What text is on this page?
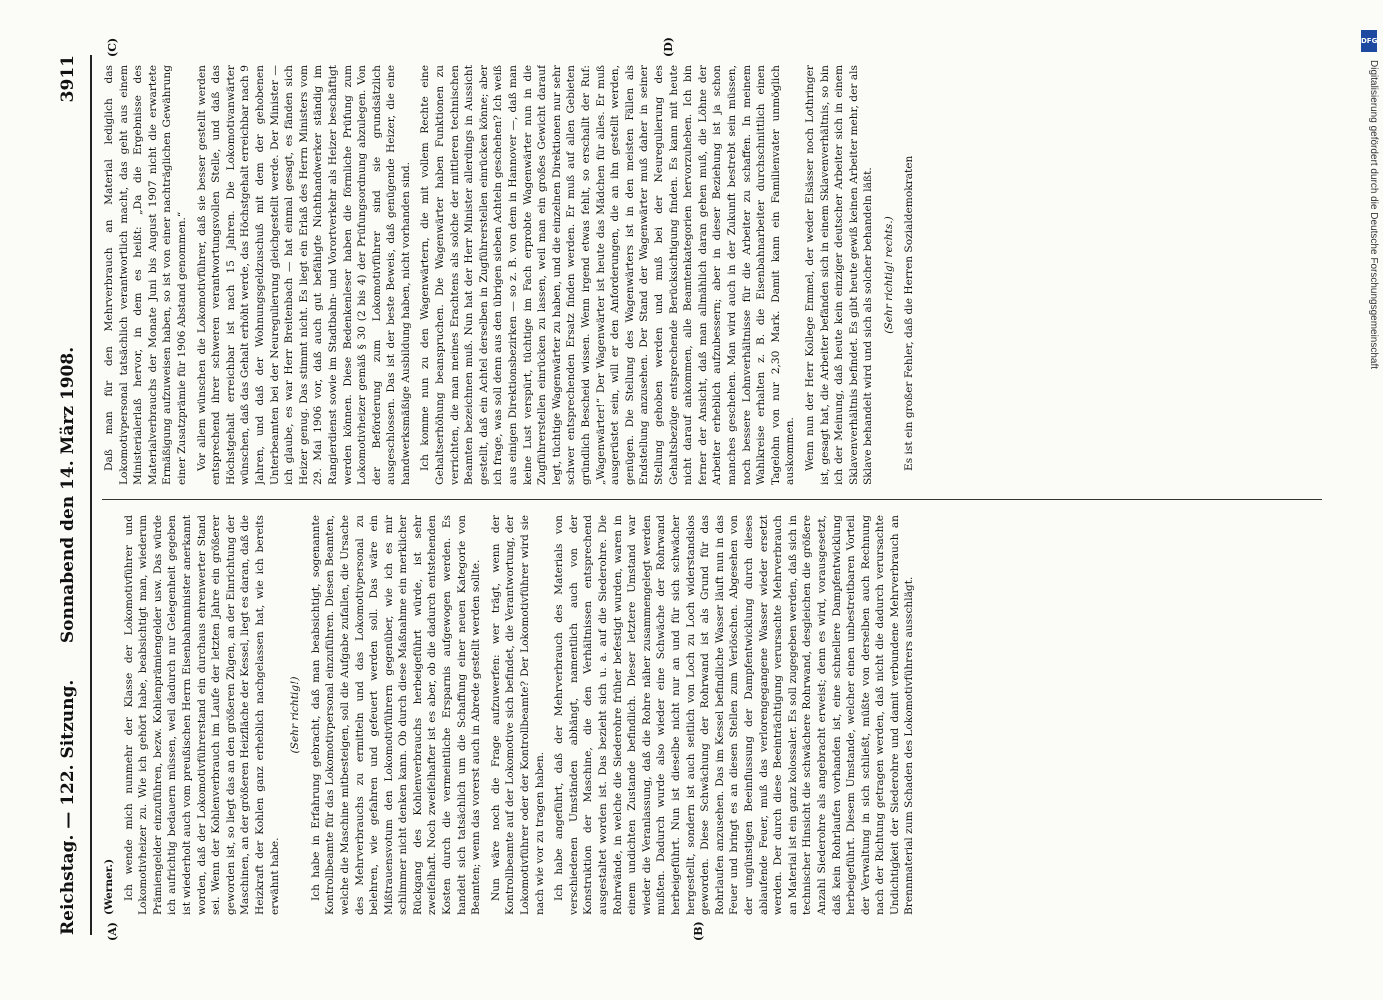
Reichstag. — 122. Sitzung.
Sonnabend den 14. März 1908.
3911
(A)	(B)
(C)	(D)

(Werner.) Ich wende mich nunmehr der Klasse der Lokomotivführer und Lokomotivheizer zu. Wie ich gehört habe, beabsichtigt man, wiederum Prämiengelder einzuführen, bezw. Kohlenprämiengelder usw. Das würde ich aufrichtig bedauern müssen, weil dadurch nur Gelegenheit gegeben ist wiederholt auch vom preußischen Herrn Eisenbahnminister anerkannt worden, daß der Lokomotivführerstand ein durchaus ehrenwerter Stand sei. Wenn der Kohlenverbrauch im Laufe der letzten Jahre ein größerer geworden ist, so liegt das an den größeren Zügen, an der Einrichtung der Maschinen, an der größeren Heizfläche der Kessel, liegt es daran, daß die Heizkraft der Kohlen ganz erheblich nachgelassen hat, wie ich bereits erwähnt habe.

(Sehr richtig!) Ich habe in Erfahrung gebracht, daß man beabsichtigt, sogenannte Kontrollbeamte für das Lokomotivpersonal einzuführen. Diesen Beamten, welche die Maschine mitbesteigen, soll die Aufgabe zufallen, die Ursache des Mehrverbrauchs zu ermitteln und das Lokomotivpersonal zu belehren, wie gefahren und gefeuert werden soll. Das wäre ein Mißtrauensvotum den Lokomotivführern gegenüber, wie ich es mir schlimmer nicht denken kann. Ob durch diese Maßnahme ein merklicher Rückgang des Kohlenverbrauchs herbeigeführt würde, ist sehr zweifelhaft. Noch zweifelhafter ist es aber, ob die dadurch entstehenden Kosten durch die vermeintliche Ersparnis aufgewogen werden. Es handelt sich tatsächlich um die Schaffung einer neuen Kategorie von Beamten; wenn das vorerst auch in Abrede gestellt werden sollte. Nun wäre noch die Frage aufzuwerfen: wer trägt, wenn der Kontrollbeamte auf der Lokomotive sich befindet, die Verantwortung, der Lokomotivführer oder der Kontrollbeamte? Der Lokomotivführer wird sie nach wie vor zu tragen haben. Ich habe angeführt, daß der Mehrverbrauch des Materials von verschiedenen Umständen abhängt, namentlich auch von der Konstruktion der Maschine, die den Verhältnissen entsprechend ausgestaltet worden ist. Das bezieht sich u. a. auf die Siederohre. Die Rohrwände, in welche die Siederohre früher befestigt wurden, waren in einem undichten Zustande befindlich. Dieser letztere Umstand war wieder die Veranlassung, daß die Rohre näher zusammengelegt werden mußten. Dadurch wurde also wieder eine Schwäche der Rohrwand herbeigeführt. Nun ist dieselbe nicht nur an und für sich schwächer hergestellt, sondern ist auch seitlich von Loch zu Loch widerstandslos geworden. Diese Schwächung der Rohrwand ist als Grund für das Rohrlaufen anzusehen. Das im Kessel befindliche Wasser läuft nun in das Feuer und bringt es an diesen Stellen zum Verlöschen. Abgesehen von der ungünstigen Beeinflussung der Dampfentwicklung durch dieses ablaufende Feuer, muß das verlorengegangene Wasser wieder ersetzt werden. Der durch diese Beeinträchtigung verursachte Mehrverbrauch an Material ist ein ganz kolossaler. Es soll zugegeben werden, daß sich in technischer Hinsicht die schwächere Rohrwand, desgleichen die größere Anzahl Siederohre als angebracht erweist; denn es wird, vorausgesetzt, daß kein Rohrlaufen vorhanden ist, eine schnellere Dampfentwicklung herbeigeführt. Diesem Umstande, welcher einen unbestreitbaren Vorteil der Verwaltung in sich schließt, müßte von derselben auch Rechnung nach der Richtung getragen werden, daß nicht die dadurch verursachte Undichtigkeit der Siederohre und damit verbundene Mehrverbrauch an Brennmaterial zum Schaden des Lokomotivführers ausschlägt.

Daß man für den Mehrverbrauch an Material lediglich das Lokomotivpersonal tatsächlich verantwortlich macht, das geht aus einem Ministerialerlaß hervor, in dem es heißt: „Da die Ergebnisse des Materialverbrauchs der Monate Juni bis August 1907 nicht die erwartete Ermäßigung aufzuweisen haben, so ist von einer nachträglichen Gewährung einer Zusatzprämie für 1906 Abstand genommen.“ Vor allem wünschen die Lokomotivführer, daß sie besser gestellt werden entsprechend ihrer schweren verantwortungsvollen Stelle, und daß das Höchstgehalt erreichbar ist nach 15 Jahren. Die Lokomotivanwärter wünschen, daß das Gehalt erhöht werde, das Höchstgehalt erreichbar nach 9 Jahren, und daß der Wohnungsgeldzuschuß mit dem der gehobenen Unterbeamten bei der Neuregulierung gleichgestellt werde. Der Minister — ich glaube, es war Herr Breitenbach — hat einmal gesagt, es fänden sich Heizer genug. Das stimmt nicht. Es liegt ein Erlaß des Herrn Ministers vom 29. Mai 1906 vor, daß auch gut befähigte Nichthandwerker ständig im Rangierdienst sowie im Stadtbahn- und Vorortverkehr als Heizer beschäftigt werden können. Diese Bedenkenleser haben die förmliche Prüfung zum Lokomotivheizer gemäß § 30 (2 bis 4) der Prüfungsordnung abzulegen. Von der Beförderung zum Lokomotivführer sind sie grundsätzlich ausgeschlossen. Das ist der beste Beweis, daß genügende Heizer, die eine handwerksmäßige Ausbildung haben, nicht vorhanden sind. Ich komme nun zu den Wagenwärtern, die mit vollem Rechte eine Gehaltserhöhung beanspruchen. Die Wagenwärter haben Funktionen zu verrichten, die man meines Erachtens als solche der mittleren technischen Beamten bezeichnen muß. Nun hat der Herr Minister allerdings in Aussicht gestellt, daß ein Achtel derselben in Zugführerstellen einrücken könne; aber ich frage, was soll denn aus den übrigen sieben Achteln geschehen? Ich weiß aus einigen Direktionsbezirken — so z. B. von dem in Hannover —, daß man keine Lust verspürt, tüchtige im Fach erprobte Wagenwärter nun in die Zugführerstellen einrücken zu lassen, weil man ein großes Gewicht darauf legt, tüchtige Wagenwärter zu haben, und die einzelnen Direktionen nur sehr schwer entsprechenden Ersatz finden werden. Er muß auf allen Gebieten gründlich Bescheid wissen. Wenn irgend etwas fehlt, so erschallt der Ruf: „Wagenwärter!“ Der Wagenwärter ist heute das Mädchen für alles. Er muß ausgerüstet sein, will er den Anforderungen, die an ihn gestellt werden, genügen. Die Stellung des Wagenwärters ist in den meisten Fällen als Endstellung anzusehen. Der Stand der Wagenwärter muß daher in seiner Stellung gehoben werden und muß bei der Neuregulierung des Gehaltsbezüge entsprechende Berücksichtigung finden. Es kann mit heute nicht darauf ankommen, alle Beamtenkategorien hervorzuheben. Ich bin ferner der Ansicht, daß man allmählich daran gehen muß, die Löhne der Arbeiter erheblich aufzubessern; aber in dieser Beziehung ist ja schon manches geschehen. Man wird auch in der Zukunft bestrebt sein müssen, noch bessere Lohnverhältnisse für die Arbeiter zu schaffen. In meinem Wahlkreise erhalten z. B. die Eisenbahnarbeiter durchschnittlich einen Tagelohn von nur 2,30 Mark. Damit kann ein Familienvater unmöglich auskommen. Wenn nun der Herr Kollege Emmel, der weder Elsässer noch Lothringer ist, gesagt hat, die Arbeiter befänden sich in einem Sklavenverhältnis, so bin ich der Meinung, daß heute kein einziger deutscher Arbeiter sich in einem Sklavenverhältnis befindet. Es gibt heute gewiß keinen Arbeiter mehr, der als Sklave behandelt wird und sich als solcher behandeln läßt. (Sehr richtig! rechts.) Es ist ein großer Fehler, daß die Herren Sozialdemokraten

DFG
Digitalisierung gefördert durch die Deutsche Forschungsgemeinschaft
